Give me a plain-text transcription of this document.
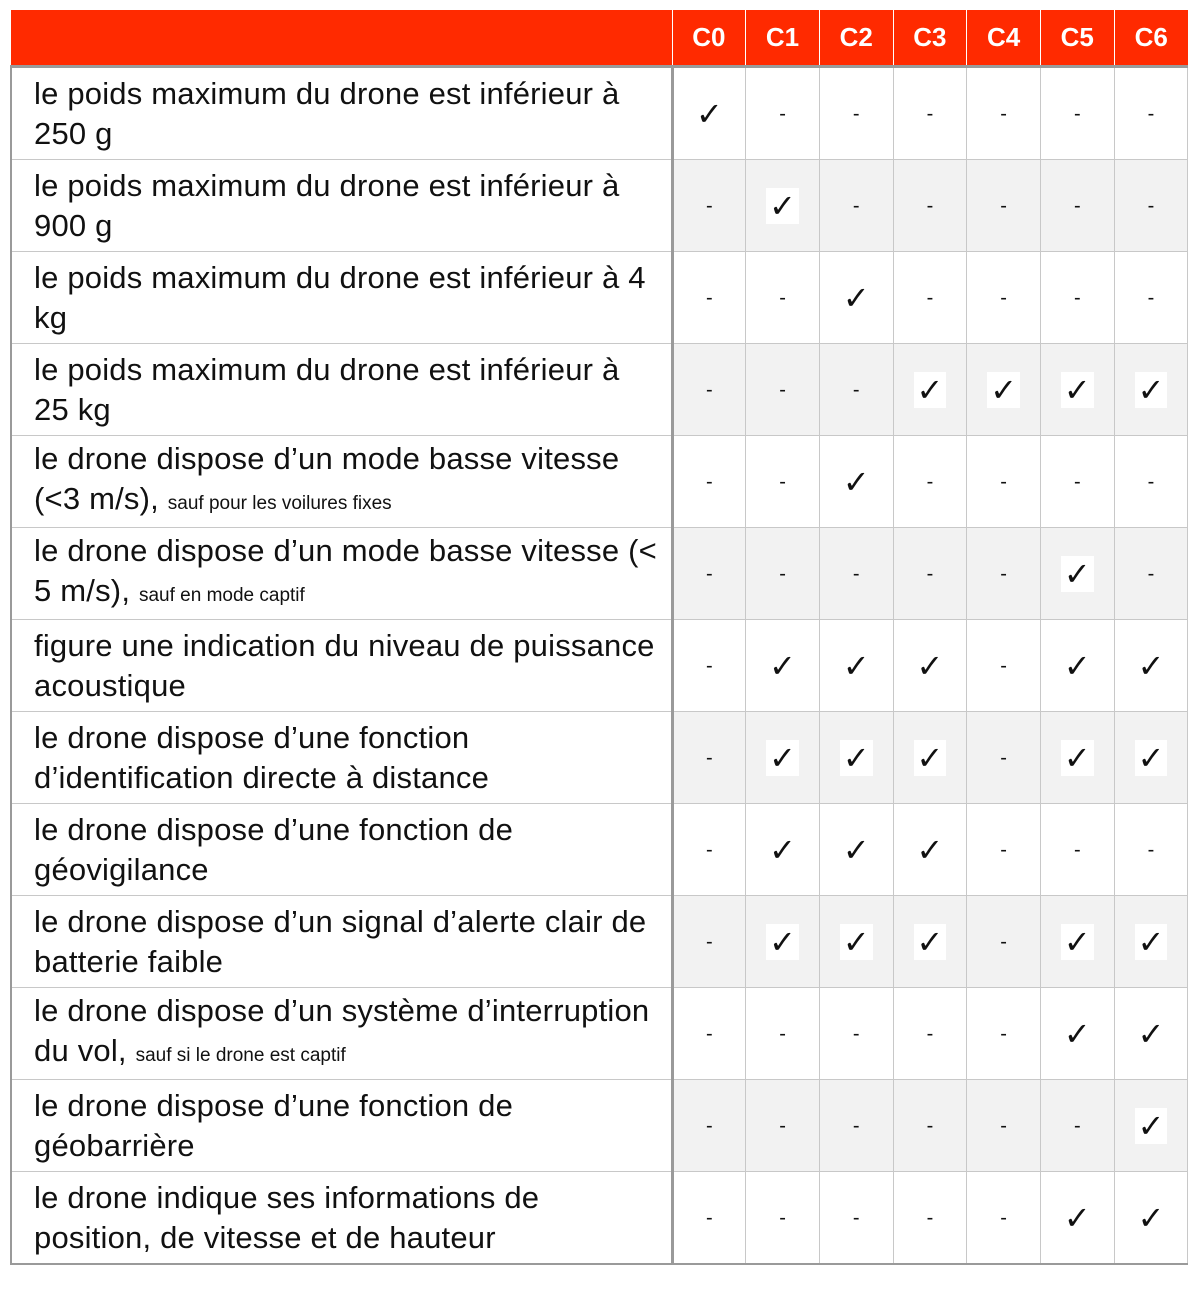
	C0	C1	C2	C3	C4	C5	C6
le poids maximum du drone est inférieur à 250 g	✓	-	-	-	-	-	-
le poids maximum du drone est inférieur à 900 g	-	✓	-	-	-	-	-
le poids maximum du drone est inférieur à 4 kg	-	-	✓	-	-	-	-
le poids maximum du drone est inférieur à 25 kg	-	-	-	✓	✓	✓	✓
le drone dispose d’un mode basse vitesse (<3 m/s), sauf pour les voilures fixes	-	-	✓	-	-	-	-
le drone dispose d’un mode basse vitesse (< 5 m/s), sauf en mode captif	-	-	-	-	-	✓	-
figure une indication du niveau de puissance acoustique	-	✓	✓	✓	-	✓	✓
le drone dispose d’une fonction d’identification directe à distance	-	✓	✓	✓	-	✓	✓
le drone dispose d’une fonction de géovigilance	-	✓	✓	✓	-	-	-
le drone dispose d’un signal d’alerte clair de batterie faible	-	✓	✓	✓	-	✓	✓
le drone dispose d’un système d’interruption du vol, sauf si le drone est captif	-	-	-	-	-	✓	✓
le drone dispose d’une fonction de géobarrière	-	-	-	-	-	-	✓
le drone indique ses informations de position, de vitesse et de hauteur	-	-	-	-	-	✓	✓
